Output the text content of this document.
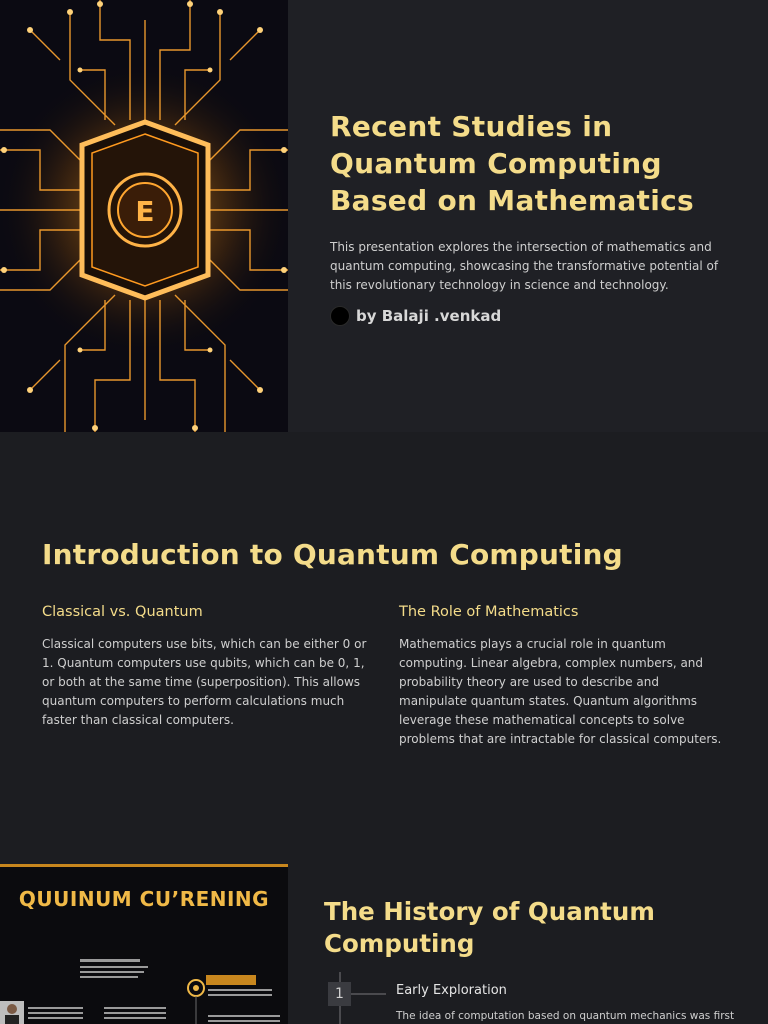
E
Recent Studies in Quantum Computing Based on Mathematics

This presentation explores the intersection of mathematics and quantum computing, showcasing the transformative potential of this revolutionary technology in science and technology.

by Balaji .venkad
Introduction to Quantum Computing
Classical vs. Quantum

Classical computers use bits, which can be either 0 or 1. Quantum computers use qubits, which can be 0, 1, or both at the same time (superposition). This allows quantum computers to perform calculations much faster than classical computers.

The Role of Mathematics

Mathematics plays a crucial role in quantum computing. Linear algebra, complex numbers, and probability theory are used to describe and manipulate quantum states. Quantum algorithms leverage these mathematical concepts to solve problems that are intractable for classical computers.

QUUINUM CU’RENING	The History of Quantum Computing
1	Early Exploration
The idea of computation based on quantum mechanics was first
